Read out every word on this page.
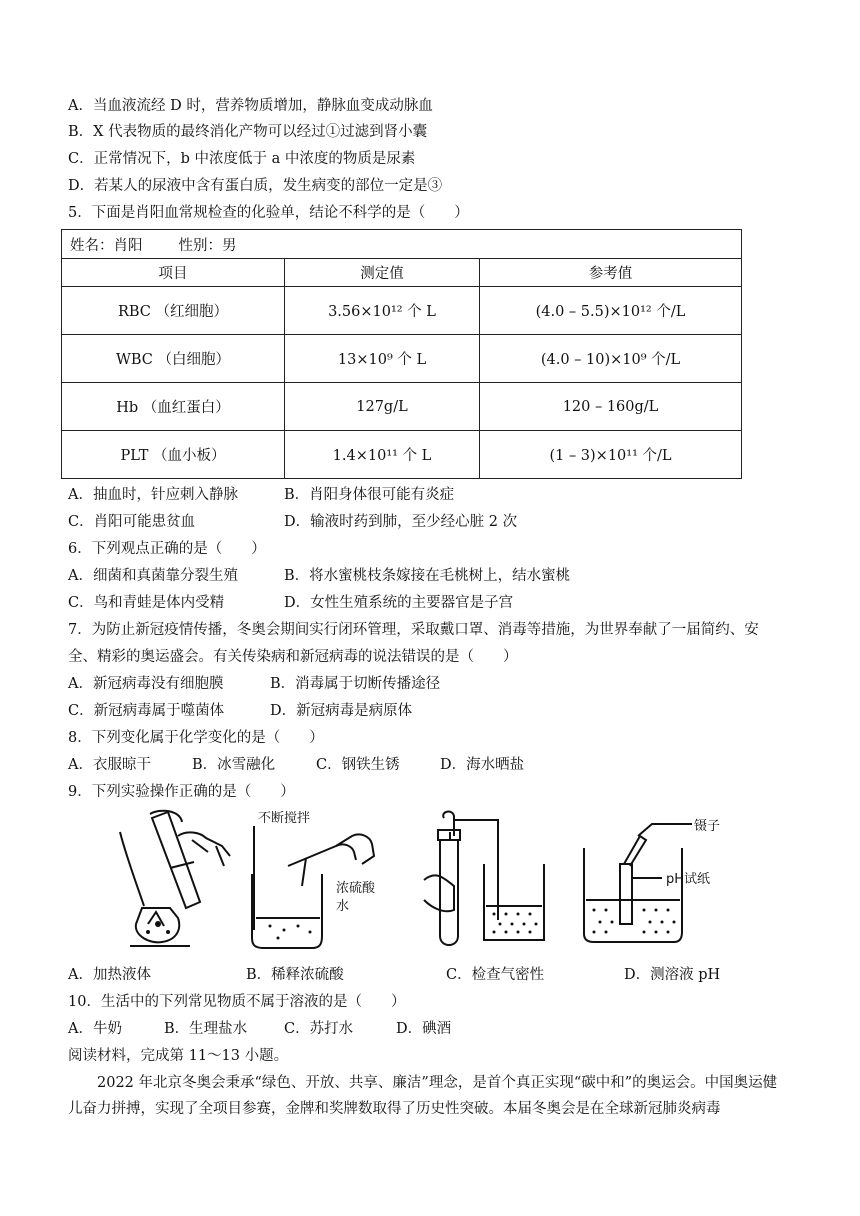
A．当血液流经 D 时，营养物质增加，静脉血变成动脉血
B．X 代表物质的最终消化产物可以经过①过滤到肾小囊
C．正常情况下，b 中浓度低于 a 中浓度的物质是尿素
D．若某人的尿液中含有蛋白质，发生病变的部位一定是③
5．下面是肖阳血常规检查的化验单，结论不科学的是（　　）
姓名：肖阳 性别：男		
项目	测定值	参考值
RBC （红细胞）	3.56×10¹² 个 L	(4.0 – 5.5)×10¹² 个/L
WBC （白细胞）	13×10⁹ 个 L	(4.0 – 10)×10⁹ 个/L
Hb （血红蛋白）	127g/L	120 – 160g/L
PLT （血小板）	1.4×10¹¹ 个 L	(1 – 3)×10¹¹ 个/L
A．抽血时，针应刺入静脉	B．肖阳身体很可能有炎症
C．肖阳可能患贫血	D．输液时药到肺，至少经心脏 2 次
6．下列观点正确的是（　　）
A．细菌和真菌靠分裂生殖	B．将水蜜桃枝条嫁接在毛桃树上，结水蜜桃
C．鸟和青蛙是体内受精	D．女性生殖系统的主要器官是子宫
7．为防止新冠疫情传播，冬奥会期间实行闭环管理，采取戴口罩、消毒等措施，为世界奉献了一届简约、安
全、精彩的奥运盛会。有关传染病和新冠病毒的说法错误的是（　　）
A．新冠病毒没有细胞膜	B．消毒属于切断传播途径
C．新冠病毒属于噬菌体	D．新冠病毒是病原体
8．下列变化属于化学变化的是（　　）
A．衣服晾干	B．冰雪融化	C．钢铁生锈	D．海水晒盐
9．下列实验操作正确的是（　　）
不断搅拌
浓硫酸
水
镊子
pH试纸
A．加热液体	B．稀释浓硫酸	C．检查气密性	D．测溶液 pH
10．生活中的下列常见物质不属于溶液的是（　　）
A．牛奶	B．生理盐水	C．苏打水	D．碘酒
阅读材料，完成第 11～13 小题。
2022 年北京冬奥会秉承“绿色、开放、共享、廉洁”理念，是首个真正实现“碳中和”的奥运会。中国奥运健儿奋力拼搏，实现了全项目参赛，金牌和奖牌数取得了历史性突破。本届冬奥会是在全球新冠肺炎病毒
